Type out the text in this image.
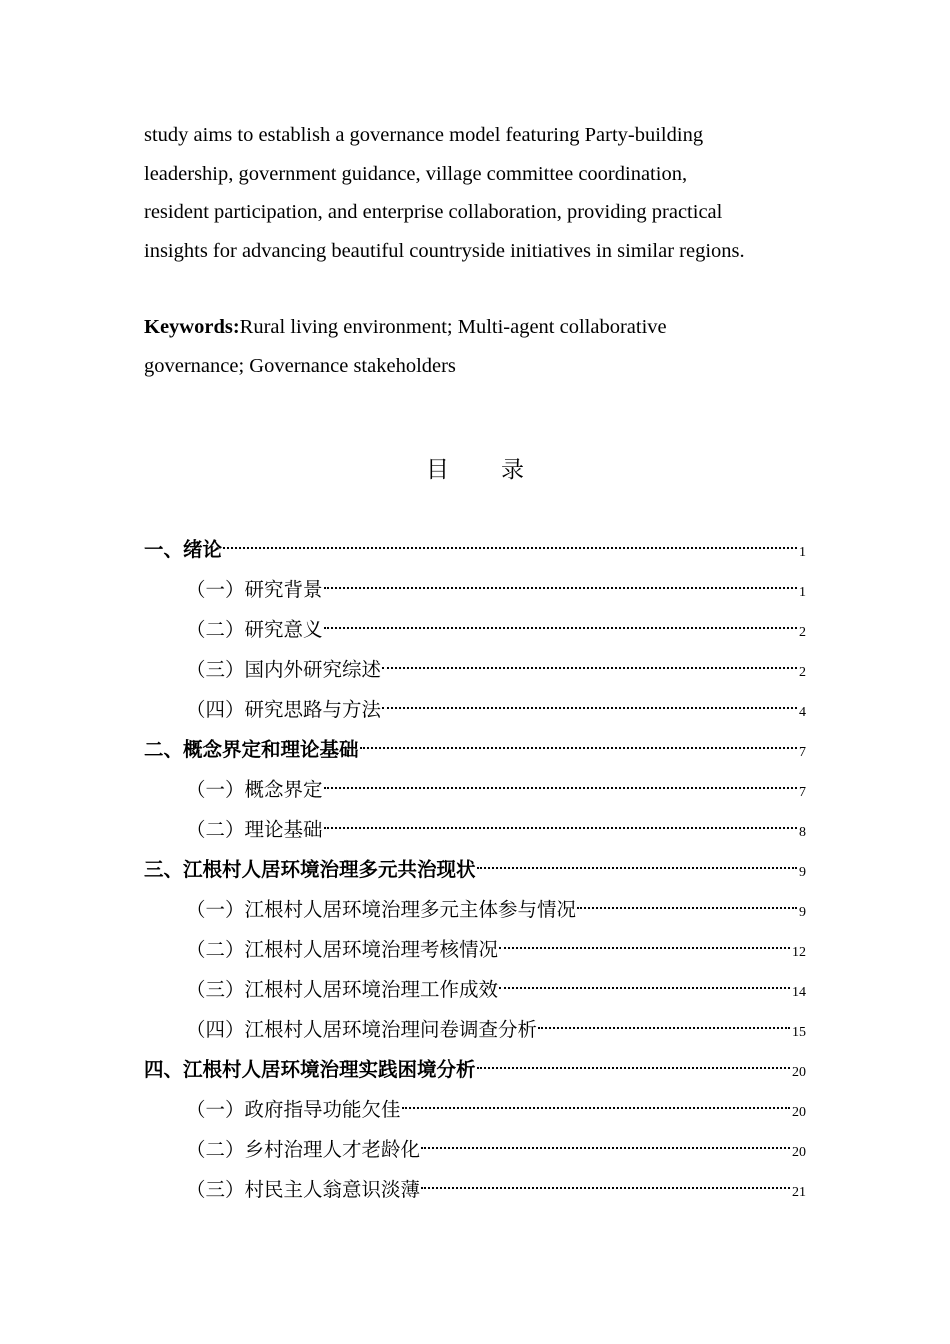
study aims to establish a governance model featuring Party-building

leadership, government guidance, village committee coordination,

resident participation, and enterprise collaboration, providing practical

insights for advancing beautiful countryside initiatives in similar regions.

Keywords:Rural living environment; Multi-agent collaborative

governance; Governance stakeholders

目 录
一、绪论	1
（一）研究背景	1
（二）研究意义	2
（三）国内外研究综述	2
（四）研究思路与方法	4
二、概念界定和理论基础	7
（一）概念界定	7
（二）理论基础	8
三、江根村人居环境治理多元共治现状	9
（一）江根村人居环境治理多元主体参与情况	9
（二）江根村人居环境治理考核情况	12
（三）江根村人居环境治理工作成效	14
（四）江根村人居环境治理问卷调查分析	15
四、江根村人居环境治理实践困境分析	20
（一）政府指导功能欠佳	20
（二）乡村治理人才老龄化	20
（三）村民主人翁意识淡薄	21
